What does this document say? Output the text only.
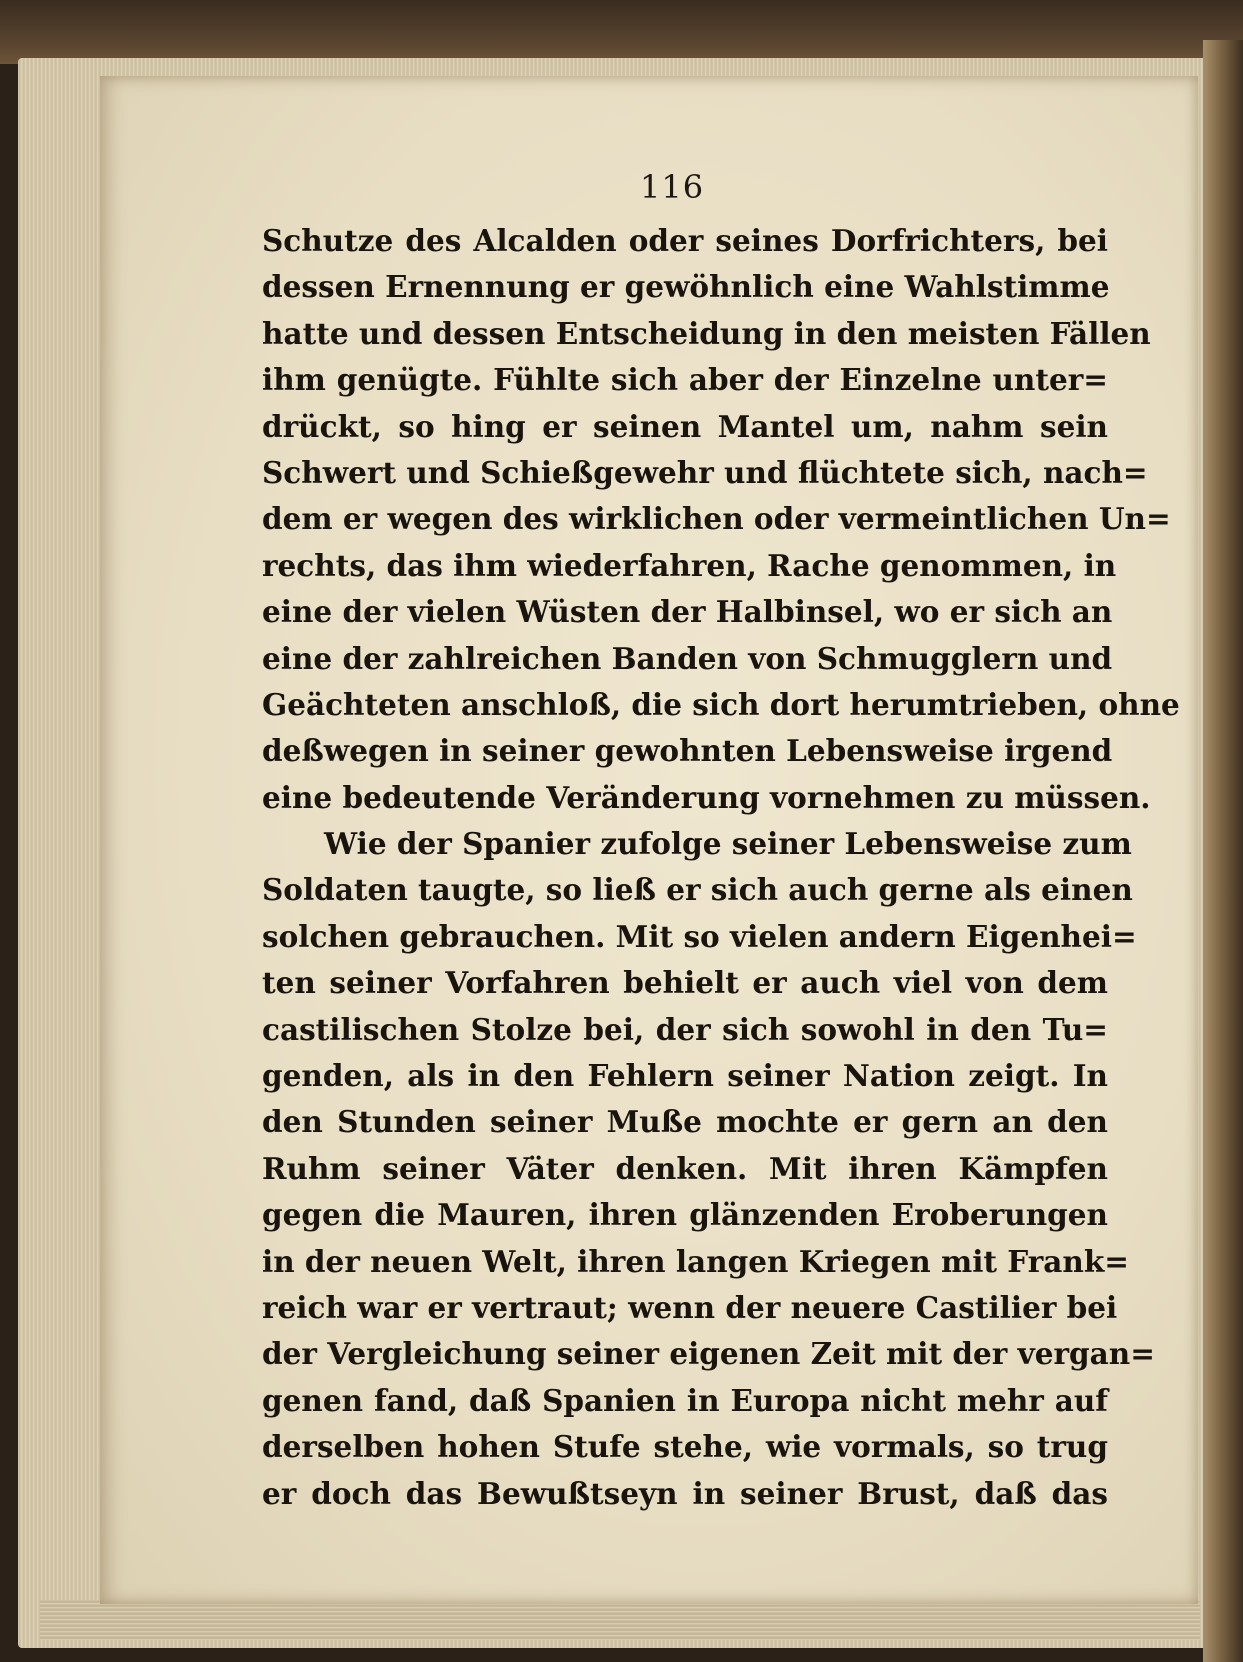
116
Schutze des Alcalden oder seines Dorfrichters, bei
dessen Ernennung er gewöhnlich eine Wahlstimme
hatte und dessen Entscheidung in den meisten Fällen
ihm genügte. Fühlte sich aber der Einzelne unter=
drückt, so hing er seinen Mantel um, nahm sein
Schwert und Schießgewehr und flüchtete sich, nach=
dem er wegen des wirklichen oder vermeintlichen Un=
rechts, das ihm wiederfahren, Rache genommen, in
eine der vielen Wüsten der Halbinsel, wo er sich an
eine der zahlreichen Banden von Schmugglern und
Geächteten anschloß, die sich dort herumtrieben, ohne
deßwegen in seiner gewohnten Lebensweise irgend
eine bedeutende Veränderung vornehmen zu müssen.
Wie der Spanier zufolge seiner Lebensweise zum
Soldaten taugte, so ließ er sich auch gerne als einen
solchen gebrauchen. Mit so vielen andern Eigenhei=
ten seiner Vorfahren behielt er auch viel von dem
castilischen Stolze bei, der sich sowohl in den Tu=
genden, als in den Fehlern seiner Nation zeigt. In
den Stunden seiner Muße mochte er gern an den
Ruhm seiner Väter denken. Mit ihren Kämpfen
gegen die Mauren, ihren glänzenden Eroberungen
in der neuen Welt, ihren langen Kriegen mit Frank=
reich war er vertraut; wenn der neuere Castilier bei
der Vergleichung seiner eigenen Zeit mit der vergan=
genen fand, daß Spanien in Europa nicht mehr auf
derselben hohen Stufe stehe, wie vormals, so trug
er doch das Bewußtseyn in seiner Brust, daß das
